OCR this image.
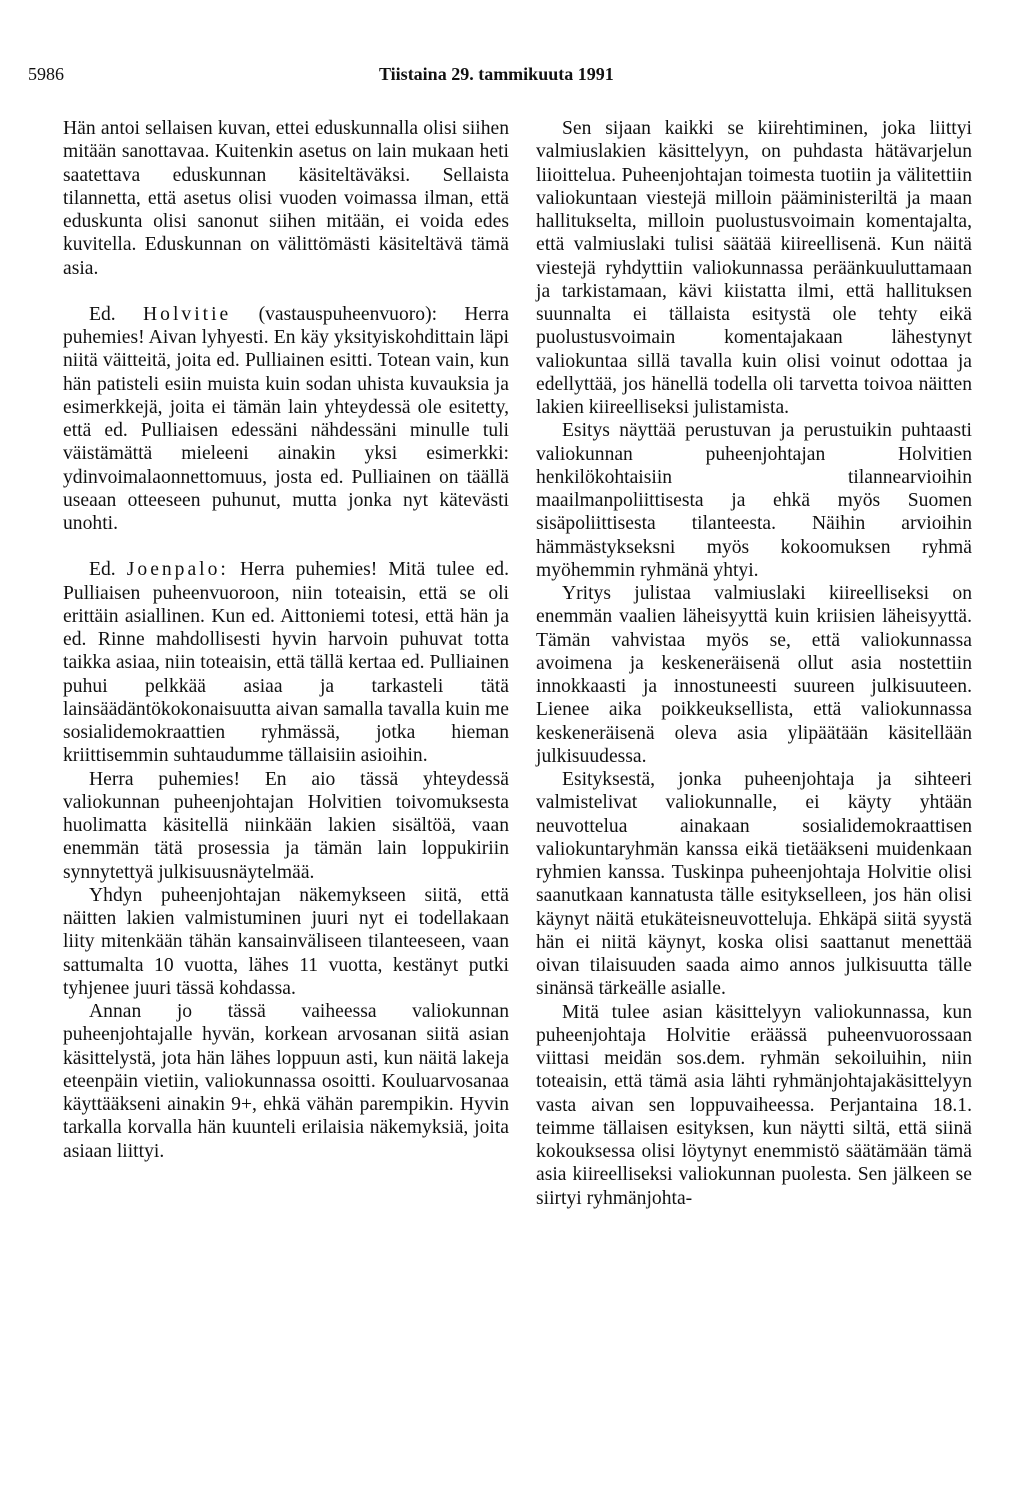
5986	Tiistaina 29. tammikuuta 1991

Hän antoi sellaisen kuvan, ettei eduskunnalla olisi siihen mitään sanottavaa. Kuitenkin asetus on lain mukaan heti saatettava eduskunnan käsiteltäväksi. Sellaista tilannetta, että asetus olisi vuoden voimassa ilman, että eduskunta olisi sanonut siihen mitään, ei voida edes kuvitella. Eduskunnan on välittömästi käsiteltävä tämä asia.

Ed. Holvitie (vastauspuheenvuoro): Herra puhemies! Aivan lyhyesti. En käy yksityiskohdittain läpi niitä väitteitä, joita ed. Pulliainen esitti. Totean vain, kun hän patisteli esiin muista kuin sodan uhista kuvauksia ja esimerkkejä, joita ei tämän lain yhteydessä ole esitetty, että ed. Pulliaisen edessäni nähdessäni minulle tuli väistämättä mieleeni ainakin yksi esimerkki: ydinvoimalaonnettomuus, josta ed. Pulliainen on täällä useaan otteeseen puhunut, mutta jonka nyt kätevästi unohti.

Ed. Joenpalo: Herra puhemies! Mitä tulee ed. Pulliaisen puheenvuoroon, niin toteaisin, että se oli erittäin asiallinen. Kun ed. Aittoniemi totesi, että hän ja ed. Rinne mahdollisesti hyvin harvoin puhuvat totta taikka asiaa, niin toteaisin, että tällä kertaa ed. Pulliainen puhui pelkkää asiaa ja tarkasteli tätä lainsäädäntökokonaisuutta aivan samalla tavalla kuin me sosialidemokraattien ryhmässä, jotka hieman kriittisemmin suhtaudumme tällaisiin asioihin.

Herra puhemies! En aio tässä yhteydessä valiokunnan puheenjohtajan Holvitien toivomuksesta huolimatta käsitellä niinkään lakien sisältöä, vaan enemmän tätä prosessia ja tämän lain loppukiriin synnytettyä julkisuusnäytelmää.

Yhdyn puheenjohtajan näkemykseen siitä, että näitten lakien valmistuminen juuri nyt ei todellakaan liity mitenkään tähän kansainväliseen tilanteeseen, vaan sattumalta 10 vuotta, lähes 11 vuotta, kestänyt putki tyhjenee juuri tässä kohdassa.

Annan jo tässä vaiheessa valiokunnan puheenjohtajalle hyvän, korkean arvosanan siitä asian käsittelystä, jota hän lähes loppuun asti, kun näitä lakeja eteenpäin vietiin, valiokunnassa osoitti. Kouluarvosanaa käyttääkseni ainakin 9+, ehkä vähän parempikin. Hyvin tarkalla korvalla hän kuunteli erilaisia näkemyksiä, joita asiaan liittyi.

Sen sijaan kaikki se kiirehtiminen, joka liittyi valmiuslakien käsittelyyn, on puhdasta hätävarjelun liioittelua. Puheenjohtajan toimesta tuotiin ja välitettiin valiokuntaan viestejä milloin pääministeriltä ja maan hallitukselta, milloin puolustusvoimain komentajalta, että valmiuslaki tulisi säätää kiireellisenä. Kun näitä viestejä ryhdyttiin valiokunnassa peräänkuuluttamaan ja tarkistamaan, kävi kiistatta ilmi, että hallituksen suunnalta ei tällaista esitystä ole tehty eikä puolustusvoimain komentajakaan lähestynyt valiokuntaa sillä tavalla kuin olisi voinut odottaa ja edellyttää, jos hänellä todella oli tarvetta toivoa näitten lakien kiireelliseksi julistamista.

Esitys näyttää perustuvan ja perustuikin puhtaasti valiokunnan puheenjohtajan Holvitien henkilökohtaisiin tilannearvioihin maailmanpoliittisesta ja ehkä myös Suomen sisäpoliittisesta tilanteesta. Näihin arvioihin hämmästykseksni myös kokoomuksen ryhmä myöhemmin ryhmänä yhtyi.

Yritys julistaa valmiuslaki kiireelliseksi on enemmän vaalien läheisyyttä kuin kriisien läheisyyttä. Tämän vahvistaa myös se, että valiokunnassa avoimena ja keskeneräisenä ollut asia nostettiin innokkaasti ja innostuneesti suureen julkisuuteen. Lienee aika poikkeuksellista, että valiokunnassa keskeneräisenä oleva asia ylipäätään käsitellään julkisuudessa.

Esityksestä, jonka puheenjohtaja ja sihteeri valmistelivat valiokunnalle, ei käyty yhtään neuvottelua ainakaan sosialidemokraattisen valiokuntaryhmän kanssa eikä tietääkseni muidenkaan ryhmien kanssa. Tuskinpa puheenjohtaja Holvitie olisi saanutkaan kannatusta tälle esitykselleen, jos hän olisi käynyt näitä etukäteisneuvotteluja. Ehkäpä siitä syystä hän ei niitä käynyt, koska olisi saattanut menettää oivan tilaisuuden saada aimo annos julkisuutta tälle sinänsä tärkeälle asialle.

Mitä tulee asian käsittelyyn valiokunnassa, kun puheenjohtaja Holvitie eräässä puheenvuorossaan viittasi meidän sos.dem. ryhmän sekoiluihin, niin toteaisin, että tämä asia lähti ryhmänjohtajakäsittelyyn vasta aivan sen loppuvaiheessa. Perjantaina 18.1. teimme tällaisen esityksen, kun näytti siltä, että siinä kokouksessa olisi löytynyt enemmistö säätämään tämä asia kiireelliseksi valiokunnan puolesta. Sen jälkeen se siirtyi ryhmänjohta-
